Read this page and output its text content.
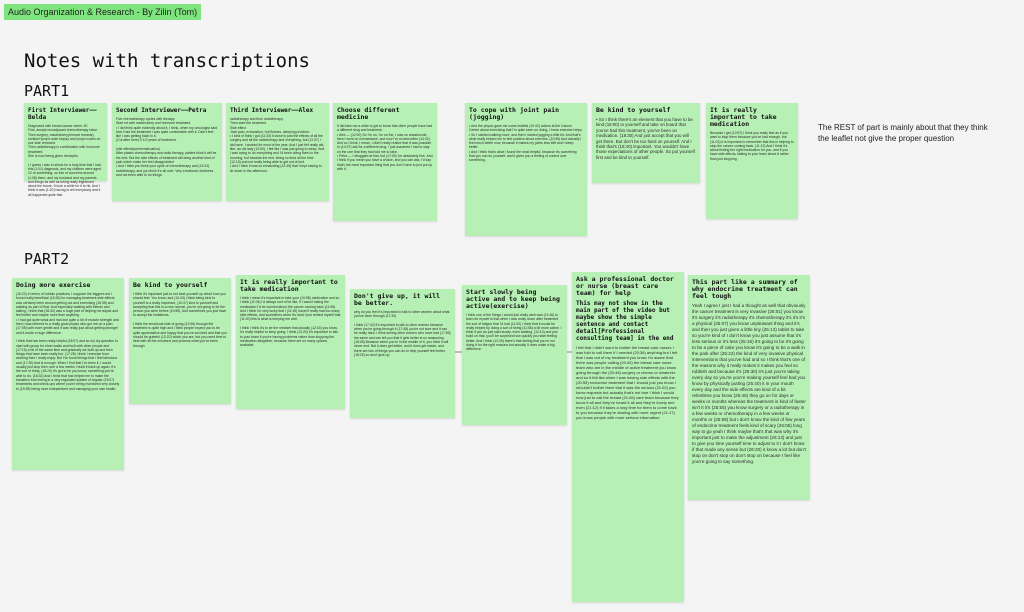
Audio Organization & Research - By Zilin (Tom)
Notes with transcriptions
PART1
PART2
First Interviewer——Belda
Diagnosed with breast cancer when: 40
First, accept neoadjuvant chemotherapy twice. Then surgery, mastectomy(remove breasts), sentinel lymph node biopsy and lymph nodes on one side removed.
Then radiotherapy in combination with hormone treatment.
She is now being given herceptin.

• I guess I was in shock for a long time that I had this (1:01) diagnosis, and my children were aged 12 or something, so lots of concerns around (1:08) them, and my husband and my parents and things as well as being really frightened about the future. It took a while for it to hit. And I think it was (1:20) having to tell everybody and it all happened quite fast.
Second Interviewer——Petra
Five chemotherapy cycles with therapy.
Start ed with mastectomy and hormone treatment.
• I did think quite evidently about it, I think, when my oncologist said that I had the treatment I was quite comfortable with it. Didn't feel like I was getting back to it.
(Cut after here) 5 1/2 years of treatment.

(site effects/premenstruation)
After plastic chemotherapy and radio therapy, patient think it will be the end. But the side effects of treatment will bring another kind of pain which make her feel disappointed
• And I think you think your cycle of chemotherapy and (13:03) radiotherapy, and you think it's all over. Very emotional, tiredness and not been able to do things.
Third Interviewer——Alex
radiotherapy and then radiotherapy.
Then start the treatment
Side effect
Joint pain, exhaustion, hot flushes, sleeping problem.
• I kind of think I got (11:33) it close to just the effects of all the surgery and all the radiotherapy and everything, but (11:37) I did have, I worked for most of the year. And I just felt really old, like, an old lady (12:00). I felt like I was just going to sleep. And I was trying to do everything and I'd been doing them in the morning, but towards the end, being so tired all the time (12:15) and not really being able to get out of bed.
• And I think it was so exhausting (12:45) that I kept having to lie down in the afternoon.
Choose different medicine
It did take me a while to get to know that other people have had a different drug and treatment.
• Alex — (12:00) So I'm on, I'm on the, I was on anastrozole, then I went on exemestane, and now I'm on tamoxifen (14:32). And so I think, I mean, I didn't really realize that it was possible to (14:37) ask for a different drug. I just assumed I had to stay on the one that they had told me to take.
• Petra — I struggled at first, but (17:00) I'm absolutely fine. And I think if you mean you have a choice, and you can ask, I'd say that's the most important thing that you don't have to just put up with it.
To cope with joint pain (jogging)
• And the physio gave me some leaflets (10:42) advice at the Cancer Centre about exercising that I'm quite keen on doing, I know exercise helps.
• So I started walking more, and then I started jogging a little bit. And that's what really helped me to feel positive about exercise. (10:55) And actually I feel much better now, because it makes my joints less stiff and I sleep better.
• And I think that's what I found the most helpful, because it's something that you can do yourself, and it gives you a feeling of control over something.
Be kind to yourself
• So I think there's an element that you have to be kind (18:00) to yourself and take on board that you've had this treatment, you've been on medication. (18:30) And just accept that you will get there. But don't be too hard on yourself. And I think that's (18:40) important. You wouldn't have those expectations of other people. So put yourself first and be kind to yourself.
It is really important to take medication
Because I get (10:57) I think you really feel as if you want to stop them because you've had enough, but (11:01) it is important to remember that this is helping to stop the cancer coming back. (11:12) And I think it's about finding the right medication for you, and if you have side effects, talking to your team about it rather than just stopping.
The REST of part is mainly about that they think the leaflet not give the proper question
Doing more exercise
(16:22) In terms of holistic practices, I suppose the biggest one I found really beneficial (16:30) for managing treatment side effects was certainly been around getting out and exercising (16:35) and walking as part of that. And especially walking with friends and talking, I think that (16:40) was a huge part of helping me adjust and feel better and maybe more than anything.
• I had got quite weak and had lost quite a lot of muscle strength and then I was referred to a really good physio who got me on a plan (17:05) with more gentle and it was really just about getting stronger and it made a huge difference.

I think that has been really helpful (18:07) and so my dry question to start with group for short walks and built with other people and (17:15) a bit of the same time and gradually we built up and then things that have been really fun. (17:25) I think I exercise from working then I really enjoy. But I've found things that I find laborious and (17:30) that is enough. When I find that I've been it, I would usually just stop then over a few weeks I build it back up again. It's the sort of thing, (18:20) it's got to be you know, something you're able to do. (18:32) And I think that has helped me to make the transition from being in a very regulated system of regular (19:07) treatments and check-ups where you're being monitored very closely to (19:35) being more independent and managing your own health.
Be kind to yourself
I think it's important just to not beat yourself up about how you should feel. You know, and (10:43) I think being kind to yourself is a really important, (10:47) kind to yourself and accepting that this is a new normal, you're not going to be the person you were before (10:55). And sometimes you just have to accept the limitations.

I think the emotional side of going (12:06) through the treatment is quite high and I think people expect you to be quite appreciative and happy that you've survived and that you should be grateful (12:22) which you are, but you need time to deal with all the emotions and process what you've been through.
It is really important to take medication
I think I mean it's important to take your (10:58) medication and so I think (11:04) I'd always sort of be like, if I wasn't taking the medication I'd be worried about the cancer coming back (11:08). And I think I'm very lucky that I (11:15) haven't really had too many side effects, and sometimes when it's hard I just remind myself that (11:20) this is what is keeping me well.

I think I think it's to be the mindset that actually (12:15) you know, it's really helpful to keep going. I think (12:20) it's important to talk to your team if you're having problems rather than stopping the medication altogether, because there are so many options available.
Don't give up, it will be better.
why do you feel it's important to talk to other women about what you've been through (17:30)

I think (17:42) it's important to talk to other women because when you're going through it (17:48) you're not sure and it can be really hard. I think seeing other women who have had (17:55) the same and can tell you that it gets better is so reassuring. (18:08) Because when you're in the middle of it, you think it will never end. But it does get better, and it does get easier, and there are lots of things you can do to help yourself feel better, (18:25) so don't give up.
Start slowly being active and to keep being active(exercise)
I think one of the things I would just really wish was (11:46) to learn for myself is that when I was really down after treatment the sort of fatigue that I'd had (11:52) I think that it would be really helped by doing a sort of being (11:56) a bit more active. I think if you do just start slowly, even walking, (12:10) and just build on that, you'll be surprised how quickly you start feeling better. And I think (12:25) there's that feeling that you're not doing it for the right reasons but actually it does make a big difference.
Ask a professional doctor or nurse (breast care team) for help
This may not show in the main part of the video but maybe show the simple sentence and contact detail[Professional consulting team] in the end
I felt that I didn't want to bother the breast care nurses I was told to call them if I needed (20:36) anything but I felt that I was out of my treatment you know I'm aware that there was people calling (20:44) the breast care nurse team who are in the middle of active treatment you know going through the (20:48) surgery or chemo or whatever and so it felt like when I was having side effects with the (20:55) endocrine treatment that I should just you know I shouldn't bother them that it was the serious (21:02) you know requests but actually that's not true I think I would now just to call the breast (21:06) care team because they know it all and they've heard it all and they're lovely and even (21:12) if it takes a long time for them to come back to you because they're dealing with more urgent (21:17) you know people with more serious information.
This part like a summary of why endocrine treatment can feel tough
Yeah I agree I just I had a thought as well that obviously the cancer treatment is very invasive (25:01) you know it's surgery it's radiotherapy it's chemotherapy it's it's it's a physical (25:07) you know unpleasant thing and it's and then you just given a little tiny (25:13) tablet to take so you're kind of I don't know you just assume that it's less serious or it's less (25:16) it's going to be it's going to be a piece of cake you know it's going to be a walk in the park after (25:22) the kind of very invasive physical interventions that you've had and so I think that's one of the reasons why it really makes it makes you feel so rubbish and because it's (25:30) it's just you're taking every day so you're you're making yourself feel bad you know by physically putting (25:40) it in your mouth every day and the side effects are kind of a bit relentless you know (25:48) they go on for days or weeks or months whereas the treatment is kind of faster isn't it it's (25:55) you know surgery or a radiotherapy in a few weeks or chemotherapy in a few weeks or months or (25:59) but I don't know the kind of few years of endocrine treatment feels kind of scary (26:05) long way to go yeah I think maybe that's that was why it's important just to make the adjustment (26:13) and just to give you time yourself time to adjust to it I don't know if that made any sense but (26:20) it know a lot but don't stop on don't stop on don't stop on because I feel like you're going to say something.
